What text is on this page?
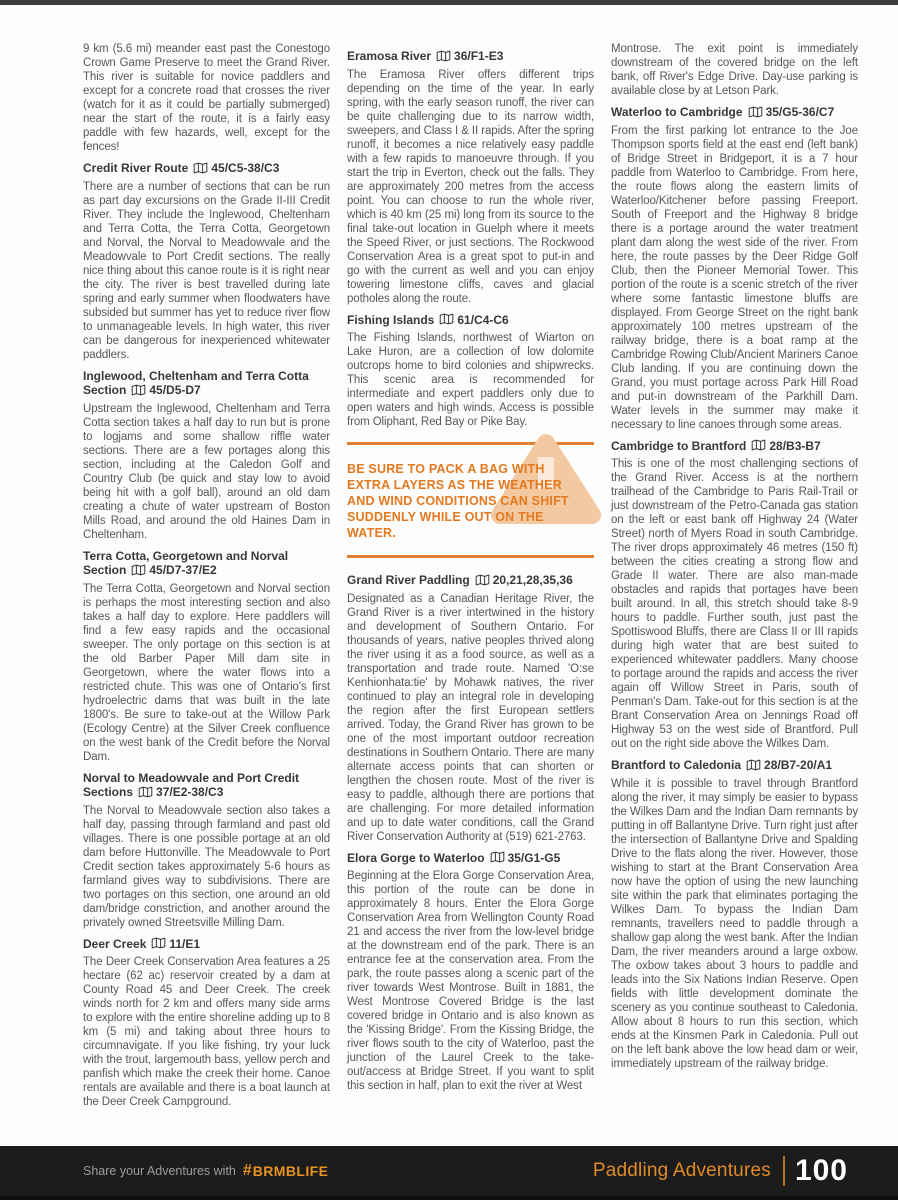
9 km (5.6 mi) meander east past the Conestogo Crown Game Preserve to meet the Grand River. This river is suitable for novice paddlers and except for a concrete road that crosses the river (watch for it as it could be partially submerged) near the start of the route, it is a fairly easy paddle with few hazards, well, except for the fences!

Credit River Route 45/C5-38/C3

There are a number of sections that can be run as part day excursions on the Grade II-III Credit River. They include the Inglewood, Cheltenham and Terra Cotta, the Terra Cotta, Georgetown and Norval, the Norval to Meadowvale and the Meadowvale to Port Credit sections. The really nice thing about this canoe route is it is right near the city. The river is best travelled during late spring and early summer when floodwaters have subsided but summer has yet to reduce river flow to unmanageable levels. In high water, this river can be dangerous for inexperienced whitewater paddlers.

Inglewood, Cheltenham and Terra Cotta Section 45/D5-D7

Upstream the Inglewood, Cheltenham and Terra Cotta section takes a half day to run but is prone to logjams and some shallow riffle water sections. There are a few portages along this section, including at the Caledon Golf and Country Club (be quick and stay low to avoid being hit with a golf ball), around an old dam creating a chute of water upstream of Boston Mills Road, and around the old Haines Dam in Cheltenham.

Terra Cotta, Georgetown and Norval Section 45/D7-37/E2

The Terra Cotta, Georgetown and Norval section is perhaps the most interesting section and also takes a half day to explore. Here paddlers will find a few easy rapids and the occasional sweeper. The only portage on this section is at the old Barber Paper Mill dam site in Georgetown, where the water flows into a restricted chute. This was one of Ontario's first hydroelectric dams that was built in the late 1800's. Be sure to take-out at the Willow Park (Ecology Centre) at the Silver Creek confluence on the west bank of the Credit before the Norval Dam.

Norval to Meadowvale and Port Credit Sections 37/E2-38/C3

The Norval to Meadowvale section also takes a half day, passing through farmland and past old villages. There is one possible portage at an old dam before Huttonville. The Meadowvale to Port Credit section takes approximately 5-6 hours as farmland gives way to subdivisions. There are two portages on this section, one around an old dam/bridge constriction, and another around the privately owned Streetsville Milling Dam.

Deer Creek 11/E1

The Deer Creek Conservation Area features a 25 hectare (62 ac) reservoir created by a dam at County Road 45 and Deer Creek. The creek winds north for 2 km and offers many side arms to explore with the entire shoreline adding up to 8 km (5 mi) and taking about three hours to circumnavigate. If you like fishing, try your luck with the trout, largemouth bass, yellow perch and panfish which make the creek their home. Canoe rentals are available and there is a boat launch at the Deer Creek Campground.

Eramosa River 36/F1-E3

The Eramosa River offers different trips depending on the time of the year. In early spring, with the early season runoff, the river can be quite challenging due to its narrow width, sweepers, and Class I & II rapids. After the spring runoff, it becomes a nice relatively easy paddle with a few rapids to manoeuvre through. If you start the trip in Everton, check out the falls. They are approximately 200 metres from the access point. You can choose to run the whole river, which is 40 km (25 mi) long from its source to the final take-out location in Guelph where it meets the Speed River, or just sections. The Rockwood Conservation Area is a great spot to put-in and go with the current as well and you can enjoy towering limestone cliffs, caves and glacial potholes along the route.

Fishing Islands 61/C4-C6

The Fishing Islands, northwest of Wiarton on Lake Huron, are a collection of low dolomite outcrops home to bird colonies and shipwrecks. This scenic area is recommended for intermediate and expert paddlers only due to open waters and high winds. Access is possible from Oliphant, Red Bay or Pike Bay.

BE SURE TO PACK A BAG WITH EXTRA LAYERS AS THE WEATHER AND WIND CONDITIONS CAN SHIFT SUDDENLY WHILE OUT ON THE WATER.

Grand River Paddling 20,21,28,35,36

Designated as a Canadian Heritage River, the Grand River is a river intertwined in the history and development of Southern Ontario. For thousands of years, native peoples thrived along the river using it as a food source, as well as a transportation and trade route. Named 'O:se Kenhionhata:tie' by Mohawk natives, the river continued to play an integral role in developing the region after the first European settlers arrived. Today, the Grand River has grown to be one of the most important outdoor recreation destinations in Southern Ontario. There are many alternate access points that can shorten or lengthen the chosen route. Most of the river is easy to paddle, although there are portions that are challenging. For more detailed information and up to date water conditions, call the Grand River Conservation Authority at (519) 621-2763.

Elora Gorge to Waterloo 35/G1-G5

Beginning at the Elora Gorge Conservation Area, this portion of the route can be done in approximately 8 hours. Enter the Elora Gorge Conservation Area from Wellington County Road 21 and access the river from the low-level bridge at the downstream end of the park. There is an entrance fee at the conservation area. From the park, the route passes along a scenic part of the river towards West Montrose. Built in 1881, the West Montrose Covered Bridge is the last covered bridge in Ontario and is also known as the 'Kissing Bridge'. From the Kissing Bridge, the river flows south to the city of Waterloo, past the junction of the Laurel Creek to the take-out/access at Bridge Street. If you want to split this section in half, plan to exit the river at West

Montrose. The exit point is immediately downstream of the covered bridge on the left bank, off River's Edge Drive. Day-use parking is available close by at Letson Park.

Waterloo to Cambridge 35/G5-36/C7

From the first parking lot entrance to the Joe Thompson sports field at the east end (left bank) of Bridge Street in Bridgeport, it is a 7 hour paddle from Waterloo to Cambridge. From here, the route flows along the eastern limits of Waterloo/Kitchener before passing Freeport. South of Freeport and the Highway 8 bridge there is a portage around the water treatment plant dam along the west side of the river. From here, the route passes by the Deer Ridge Golf Club, then the Pioneer Memorial Tower. This portion of the route is a scenic stretch of the river where some fantastic limestone bluffs are displayed. From George Street on the right bank approximately 100 metres upstream of the railway bridge, there is a boat ramp at the Cambridge Rowing Club/Ancient Mariners Canoe Club landing. If you are continuing down the Grand, you must portage across Park Hill Road and put-in downstream of the Parkhill Dam. Water levels in the summer may make it necessary to line canoes through some areas.

Cambridge to Brantford 28/B3-B7

This is one of the most challenging sections of the Grand River. Access is at the northern trailhead of the Cambridge to Paris Rail-Trail or just downstream of the Petro-Canada gas station on the left or east bank off Highway 24 (Water Street) north of Myers Road in south Cambridge. The river drops approximately 46 metres (150 ft) between the cities creating a strong flow and Grade II water. There are also man-made obstacles and rapids that portages have been built around. In all, this stretch should take 8-9 hours to paddle. Further south, just past the Spottiswood Bluffs, there are Class II or III rapids during high water that are best suited to experienced whitewater paddlers. Many choose to portage around the rapids and access the river again off Willow Street in Paris, south of Penman's Dam. Take-out for this section is at the Brant Conservation Area on Jennings Road off Highway 53 on the west side of Brantford. Pull out on the right side above the Wilkes Dam.

Brantford to Caledonia 28/B7-20/A1

While it is possible to travel through Brantford along the river, it may simply be easier to bypass the Wilkes Dam and the Indian Dam remnants by putting in off Ballantyne Drive. Turn right just after the intersection of Ballantyne Drive and Spalding Drive to the flats along the river. However, those wishing to start at the Brant Conservation Area now have the option of using the new launching site within the park that eliminates portaging the Wilkes Dam. To bypass the Indian Dam remnants, travellers need to paddle through a shallow gap along the west bank. After the Indian Dam, the river meanders around a large oxbow. The oxbow takes about 3 hours to paddle and leads into the Six Nations Indian Reserve. Open fields with little development dominate the scenery as you continue southeast to Caledonia. Allow about 8 hours to run this section, which ends at the Kinsmen Park in Caledonia. Pull out on the left bank above the low head dam or weir, immediately upstream of the railway bridge.

Share your Adventures with # BRMBLIFE	Paddling Adventures 100
